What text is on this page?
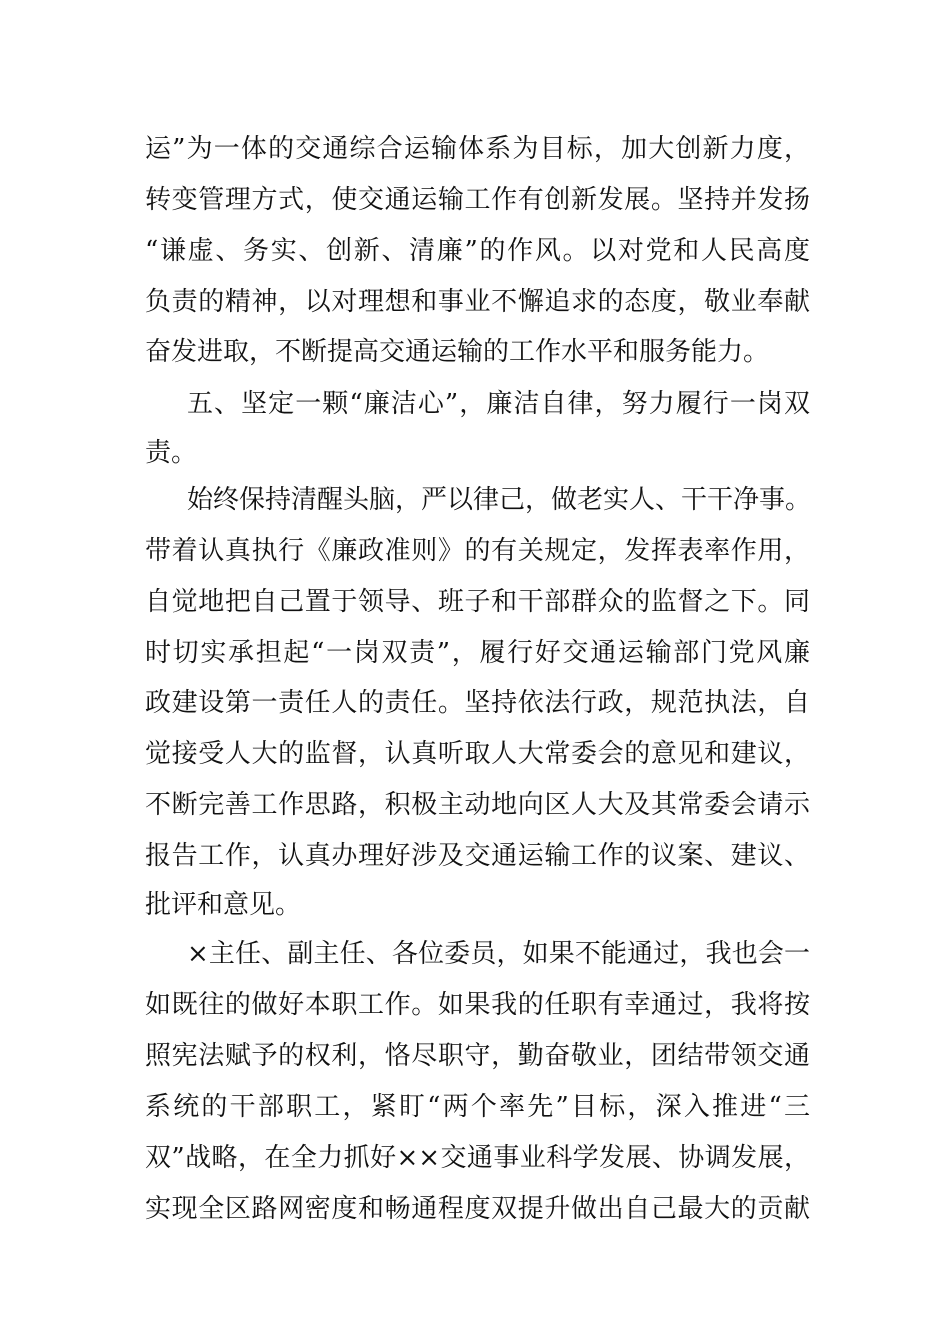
运”为一体的交通综合运输体系为目标，加大创新力度，
转变管理方式，使交通运输工作有创新发展。坚持并发扬
“谦虚、务实、创新、清廉”的作风。以对党和人民高度
负责的精神，以对理想和事业不懈追求的态度，敬业奉献
奋发进取，不断提高交通运输的工作水平和服务能力。
五、坚定一颗“廉洁心”，廉洁自律，努力履行一岗双
责。
始终保持清醒头脑，严以律己，做老实人、干干净事。
带着认真执行《廉政准则》的有关规定，发挥表率作用，
自觉地把自己置于领导、班子和干部群众的监督之下。同
时切实承担起“一岗双责”，履行好交通运输部门党风廉
政建设第一责任人的责任。坚持依法行政，规范执法，自
觉接受人大的监督，认真听取人大常委会的意见和建议，
不断完善工作思路，积极主动地向区人大及其常委会请示
报告工作，认真办理好涉及交通运输工作的议案、建议、
批评和意见。
×主任、副主任、各位委员，如果不能通过，我也会一
如既往的做好本职工作。如果我的任职有幸通过，我将按
照宪法赋予的权利，恪尽职守，勤奋敬业，团结带领交通
系统的干部职工，紧盯“两个率先”目标，深入推进“三
双”战略，在全力抓好××交通事业科学发展、协调发展，
实现全区路网密度和畅通程度双提升做出自己最大的贡献
